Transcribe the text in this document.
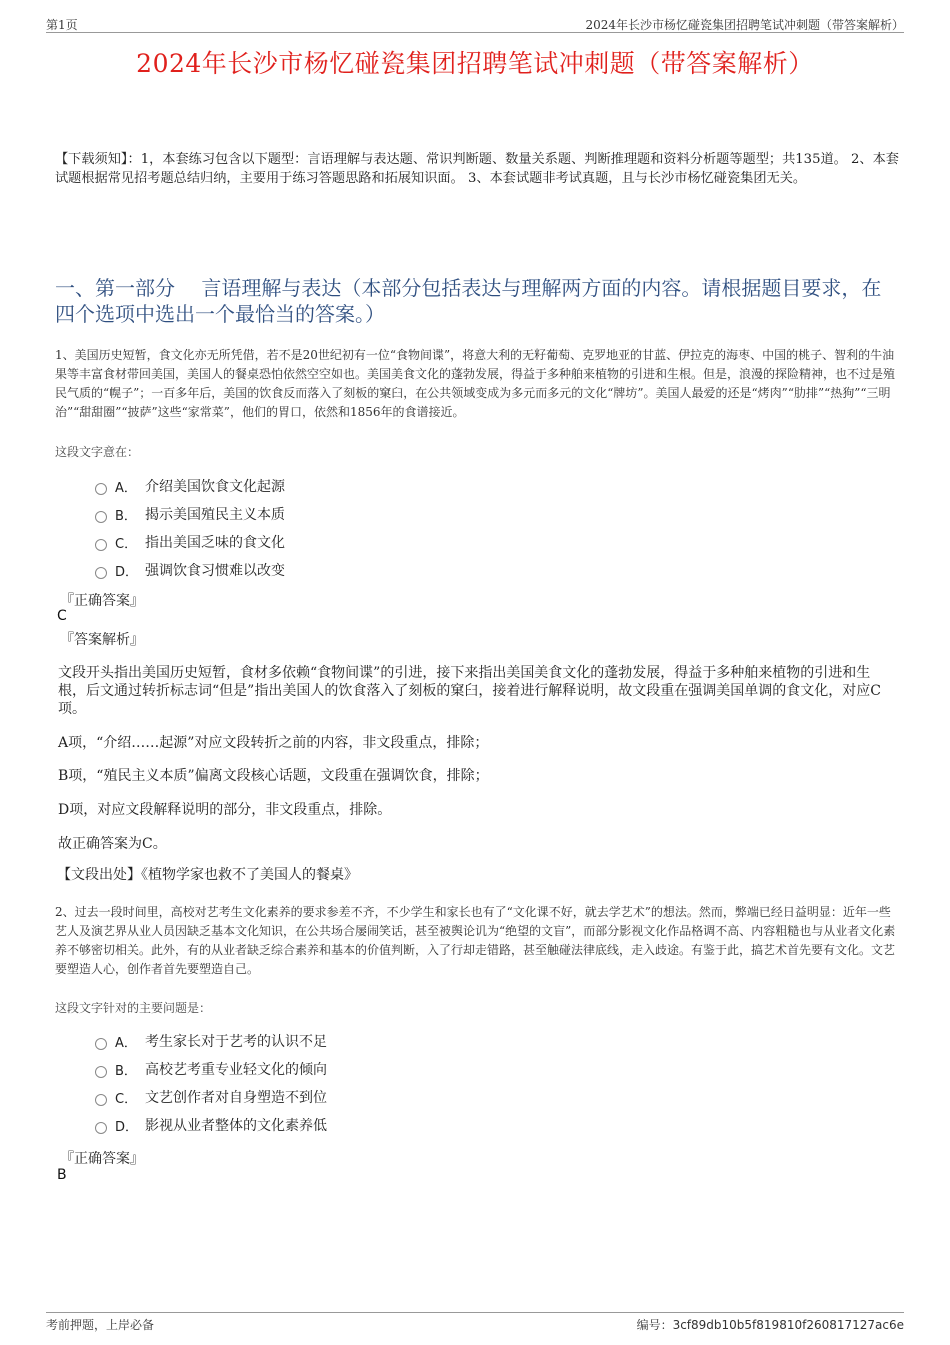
第1页	2024年长沙市杨忆碰瓷集团招聘笔试冲刺题（带答案解析）
2024年长沙市杨忆碰瓷集团招聘笔试冲刺题（带答案解析）
【下载须知】：1，本套练习包含以下题型：言语理解与表达题、常识判断题、数量关系题、判断推理题和资料分析题等题型；共135道。 2、本套试题根据常见招考题总结归纳，主要用于练习答题思路和拓展知识面。 3、本套试题非考试真题，且与长沙市杨忆碰瓷集团无关。
一、第一部分　 言语理解与表达（本部分包括表达与理解两方面的内容。请根据题目要求，在四个选项中选出一个最恰当的答案。）
1、美国历史短暂，食文化亦无所凭借，若不是20世纪初有一位“食物间谍”，将意大利的无籽葡萄、克罗地亚的甘蓝、伊拉克的海枣、中国的桃子、智利的牛油果等丰富食材带回美国，美国人的餐桌恐怕依然空空如也。美国美食文化的蓬勃发展，得益于多种舶来植物的引进和生根。但是，浪漫的探险精神，也不过是殖民气质的“幌子”；一百多年后，美国的饮食反而落入了刻板的窠臼，在公共领域变成为多元而多元的文化“牌坊”。美国人最爱的还是“烤肉”“肋排”“热狗”“三明治”“甜甜圈”“披萨”这些“家常菜”，他们的胃口，依然和1856年的食谱接近。
这段文字意在：
A． 介绍美国饮食文化起源
B． 揭示美国殖民主义本质
C． 指出美国乏味的食文化
D． 强调饮食习惯难以改变
『正确答案』
C
『答案解析』
文段开头指出美国历史短暂，食材多依赖“食物间谍”的引进，接下来指出美国美食文化的蓬勃发展，得益于多种舶来植物的引进和生根，后文通过转折标志词“但是”指出美国人的饮食落入了刻板的窠臼，接着进行解释说明，故文段重在强调美国单调的食文化，对应C项。
A项，“介绍……起源”对应文段转折之前的内容，非文段重点，排除；
B项，“殖民主义本质”偏离文段核心话题，文段重在强调饮食，排除；
D项，对应文段解释说明的部分，非文段重点，排除。
故正确答案为C。
【文段出处】《植物学家也救不了美国人的餐桌》
2、过去一段时间里，高校对艺考生文化素养的要求参差不齐，不少学生和家长也有了“文化课不好，就去学艺术”的想法。然而，弊端已经日益明显：近年一些艺人及演艺界从业人员因缺乏基本文化知识，在公共场合屡闹笑话，甚至被舆论讥为“绝望的文盲”，而部分影视文化作品格调不高、内容粗糙也与从业者文化素养不够密切相关。此外，有的从业者缺乏综合素养和基本的价值判断，入了行却走错路，甚至触碰法律底线，走入歧途。有鉴于此，搞艺术首先要有文化。文艺要塑造人心，创作者首先要塑造自己。
这段文字针对的主要问题是：
A． 考生家长对于艺考的认识不足
B． 高校艺考重专业轻文化的倾向
C． 文艺创作者对自身塑造不到位
D． 影视从业者整体的文化素养低
『正确答案』
B
考前押题，上岸必备	编号：3cf89db10b5f819810f260817127ac6e
